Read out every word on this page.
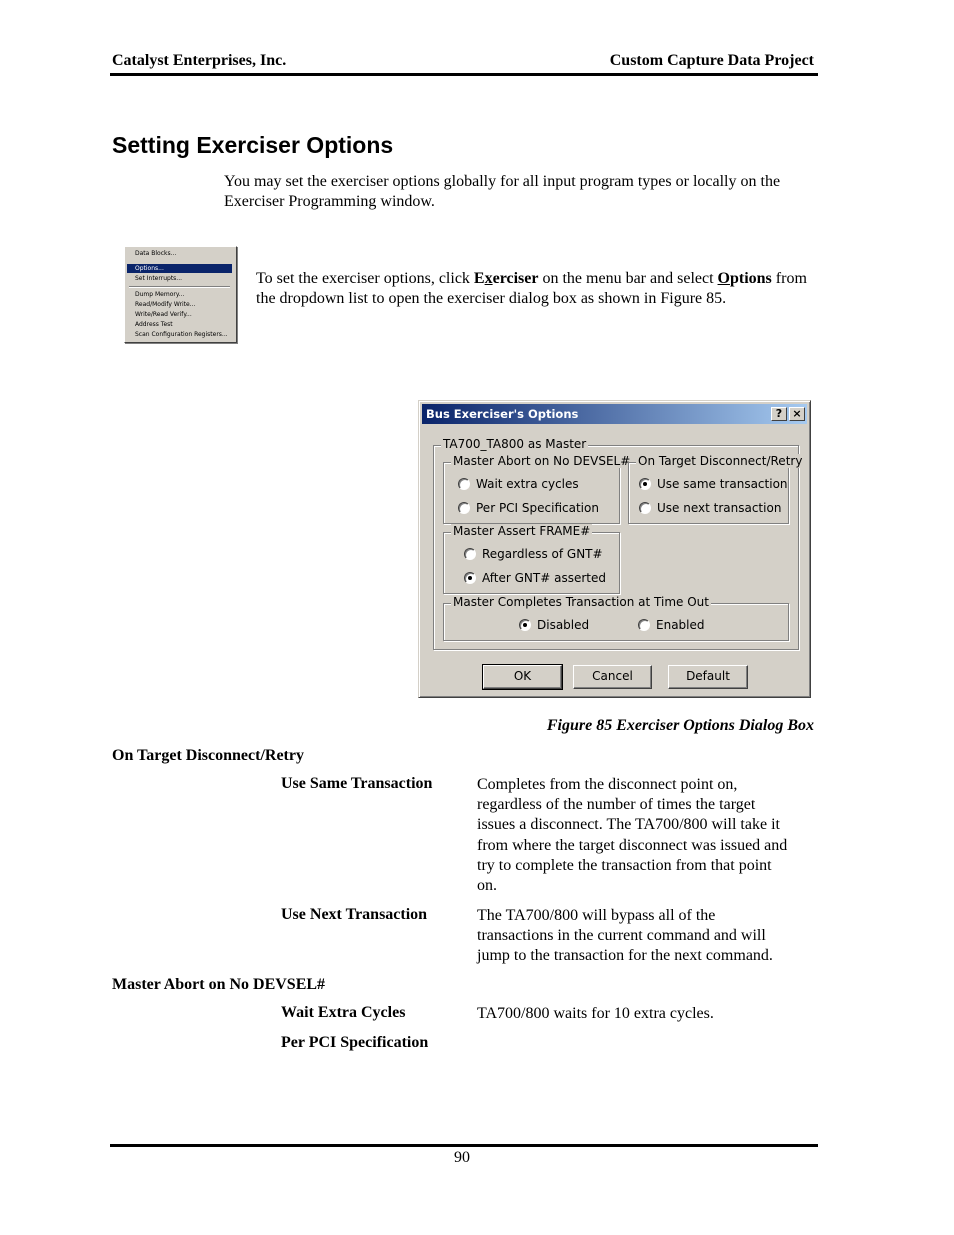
Catalyst Enterprises, Inc.	Custom Capture Data Project
Setting Exerciser Options
You may set the exerciser options globally for all input program types or locally on the Exerciser Programming window.
Data Blocks...
Options...
Set Interrupts...
Dump Memory...
Read/Modify Write...
Write/Read Verify...
Address Test
Scan Configuration Registers...
To set the exerciser options, click Exerciser on the menu bar and select Options from the dropdown list to open the exerciser dialog box as shown in Figure 85.
Bus Exerciser's Options	? ×
TA700_TA800 as Master
Master Abort on No DEVSEL#
Wait extra cycles
Per PCI Specification
On Target Disconnect/Retry
Use same transaction
Use next transaction
Master Assert FRAME#
Regardless of GNT#
After GNT# asserted
Master Completes Transaction at Time Out
Disabled	Enabled
OK	Cancel	Default
Figure 85 Exerciser Options Dialog Box
On Target Disconnect/Retry
Use Same Transaction	Completes from the disconnect point on,
regardless of the number of times the target
issues a disconnect. The TA700/800 will take it
from where the target disconnect was issued and
try to complete the transaction from that point
on.
Use Next Transaction	The TA700/800 will bypass all of the
transactions in the current command and will
jump to the transaction for the next command.
Master Abort on No DEVSEL#
Wait Extra Cycles	TA700/800 waits for 10 extra cycles.
Per PCI Specification
90
